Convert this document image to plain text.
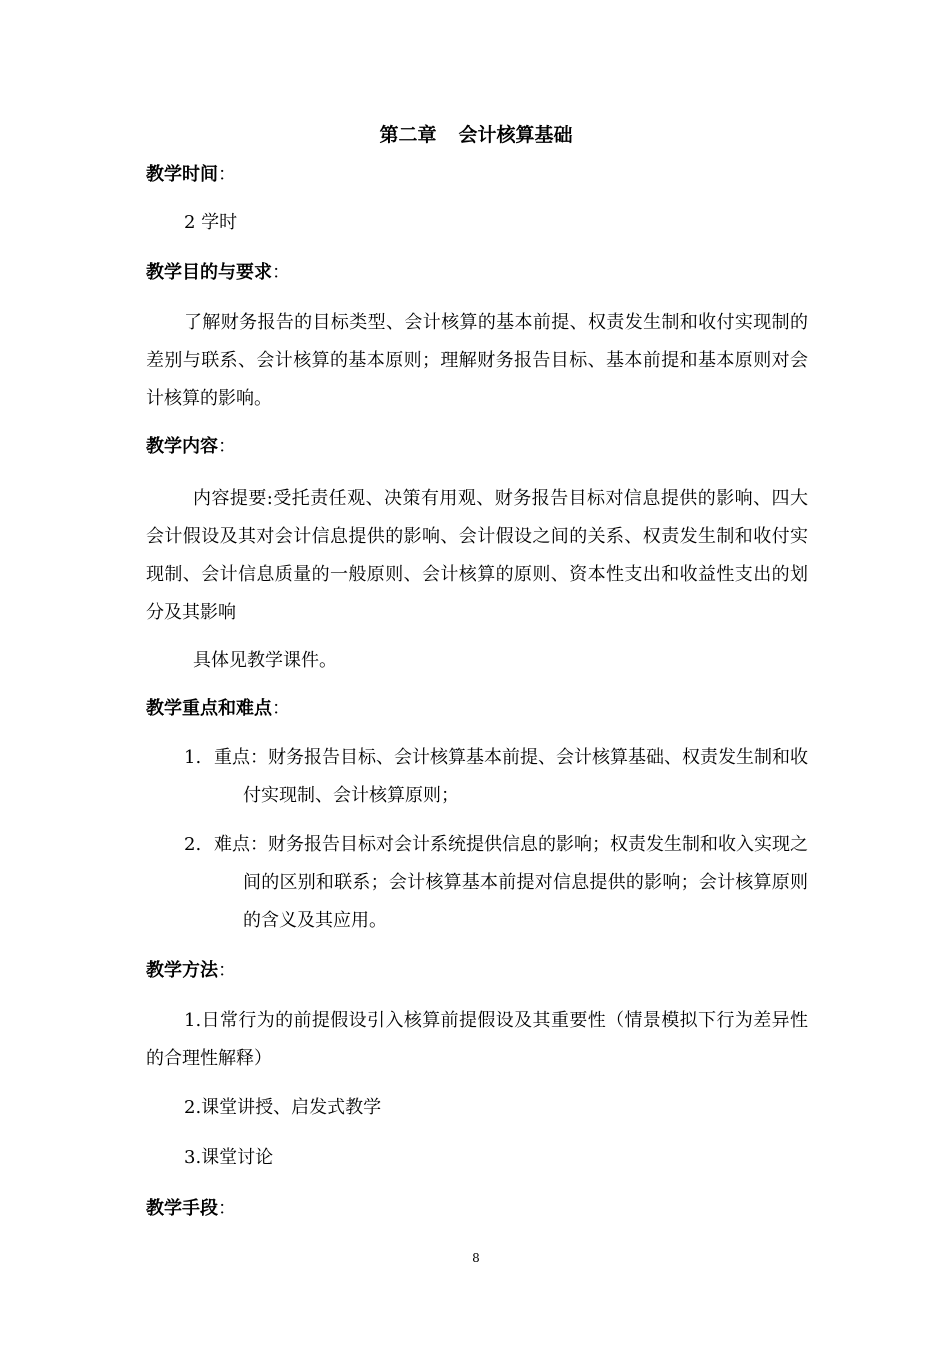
第二章 会计核算基础
教学时间：
2 学时
教学目的与要求：
了解财务报告的目标类型、会计核算的基本前提、权责发生制和收付实现制的差别与联系、会计核算的基本原则；理解财务报告目标、基本前提和基本原则对会计核算的影响。
教学内容：
内容提要:受托责任观、决策有用观、财务报告目标对信息提供的影响、四大会计假设及其对会计信息提供的影响、会计假设之间的关系、权责发生制和收付实现制、会计信息质量的一般原则、会计核算的原则、资本性支出和收益性支出的划分及其影响
具体见教学课件。
教学重点和难点：
1. 重点：财务报告目标、会计核算基本前提、会计核算基础、权责发生制和收付实现制、会计核算原则；
2. 难点：财务报告目标对会计系统提供信息的影响；权责发生制和收入实现之间的区别和联系；会计核算基本前提对信息提供的影响；会计核算原则的含义及其应用。
教学方法：
1.日常行为的前提假设引入核算前提假设及其重要性（情景模拟下行为差异性的合理性解释）
2.课堂讲授、启发式教学
3.课堂讨论
教学手段：
8
